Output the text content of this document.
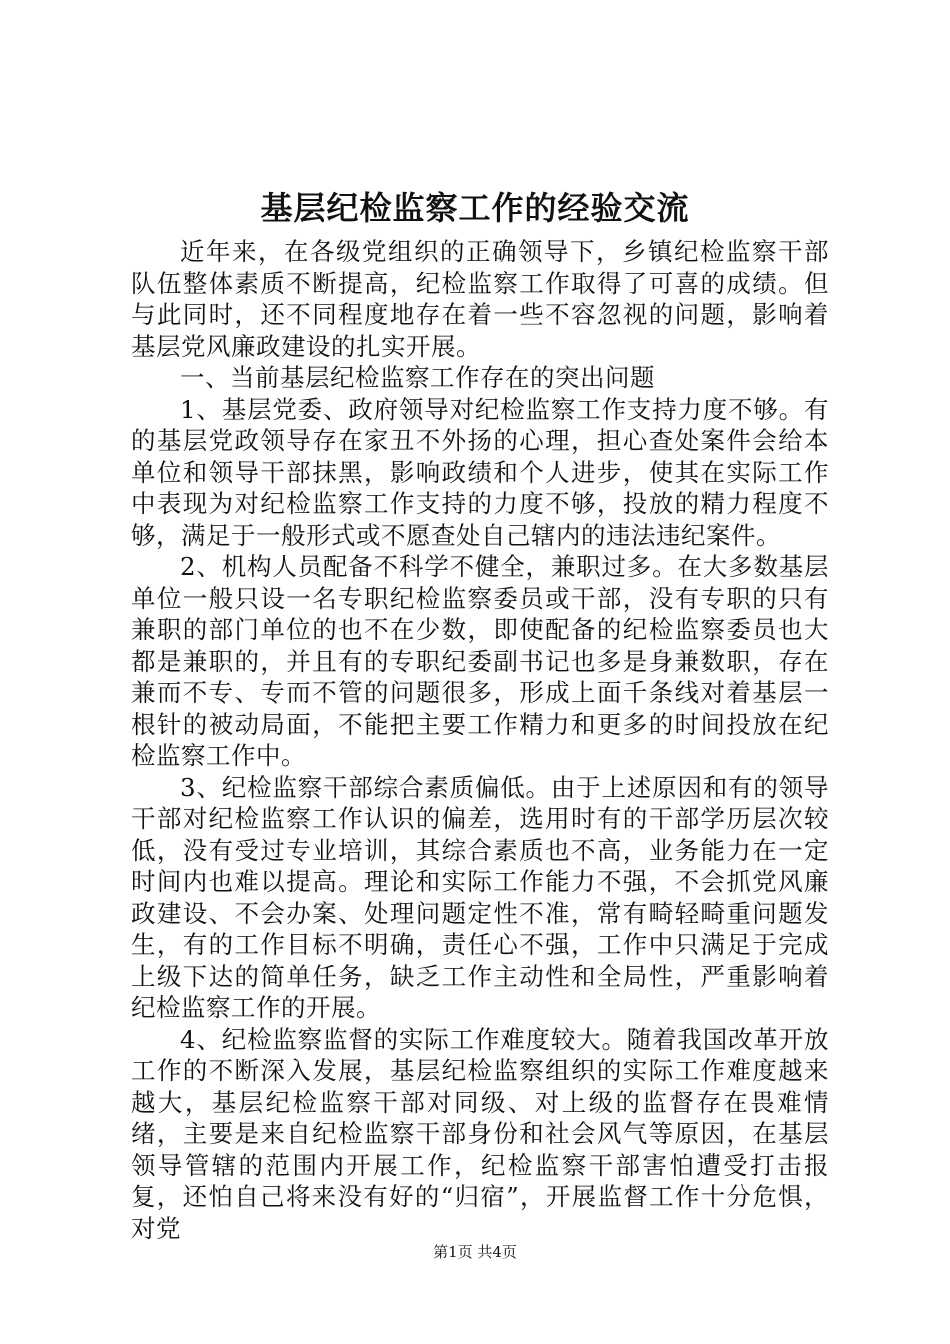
基层纪检监察工作的经验交流

近年来，在各级党组织的正确领导下，乡镇纪检监察干部队伍整体素质不断提高，纪检监察工作取得了可喜的成绩。但与此同时，还不同程度地存在着一些不容忽视的问题，影响着基层党风廉政建设的扎实开展。

一、当前基层纪检监察工作存在的突出问题

1、基层党委、政府领导对纪检监察工作支持力度不够。有的基层党政领导存在家丑不外扬的心理，担心查处案件会给本单位和领导干部抹黑，影响政绩和个人进步，使其在实际工作中表现为对纪检监察工作支持的力度不够，投放的精力程度不够，满足于一般形式或不愿查处自己辖内的违法违纪案件。

2、机构人员配备不科学不健全，兼职过多。在大多数基层单位一般只设一名专职纪检监察委员或干部，没有专职的只有兼职的部门单位的也不在少数，即使配备的纪检监察委员也大都是兼职的，并且有的专职纪委副书记也多是身兼数职，存在兼而不专、专而不管的问题很多，形成上面千条线对着基层一根针的被动局面，不能把主要工作精力和更多的时间投放在纪检监察工作中。

3、纪检监察干部综合素质偏低。由于上述原因和有的领导干部对纪检监察工作认识的偏差，选用时有的干部学历层次较低，没有受过专业培训，其综合素质也不高，业务能力在一定时间内也难以提高。理论和实际工作能力不强，不会抓党风廉政建设、不会办案、处理问题定性不准，常有畸轻畸重问题发生，有的工作目标不明确，责任心不强，工作中只满足于完成上级下达的简单任务，缺乏工作主动性和全局性，严重影响着纪检监察工作的开展。

4、纪检监察监督的实际工作难度较大。随着我国改革开放工作的不断深入发展，基层纪检监察组织的实际工作难度越来越大，基层纪检监察干部对同级、对上级的监督存在畏难情绪，主要是来自纪检监察干部身份和社会风气等原因，在基层领导管辖的范围内开展工作，纪检监察干部害怕遭受打击报复，还怕自己将来没有好的“归宿”，开展监督工作十分危惧，对党

第1页 共4页
